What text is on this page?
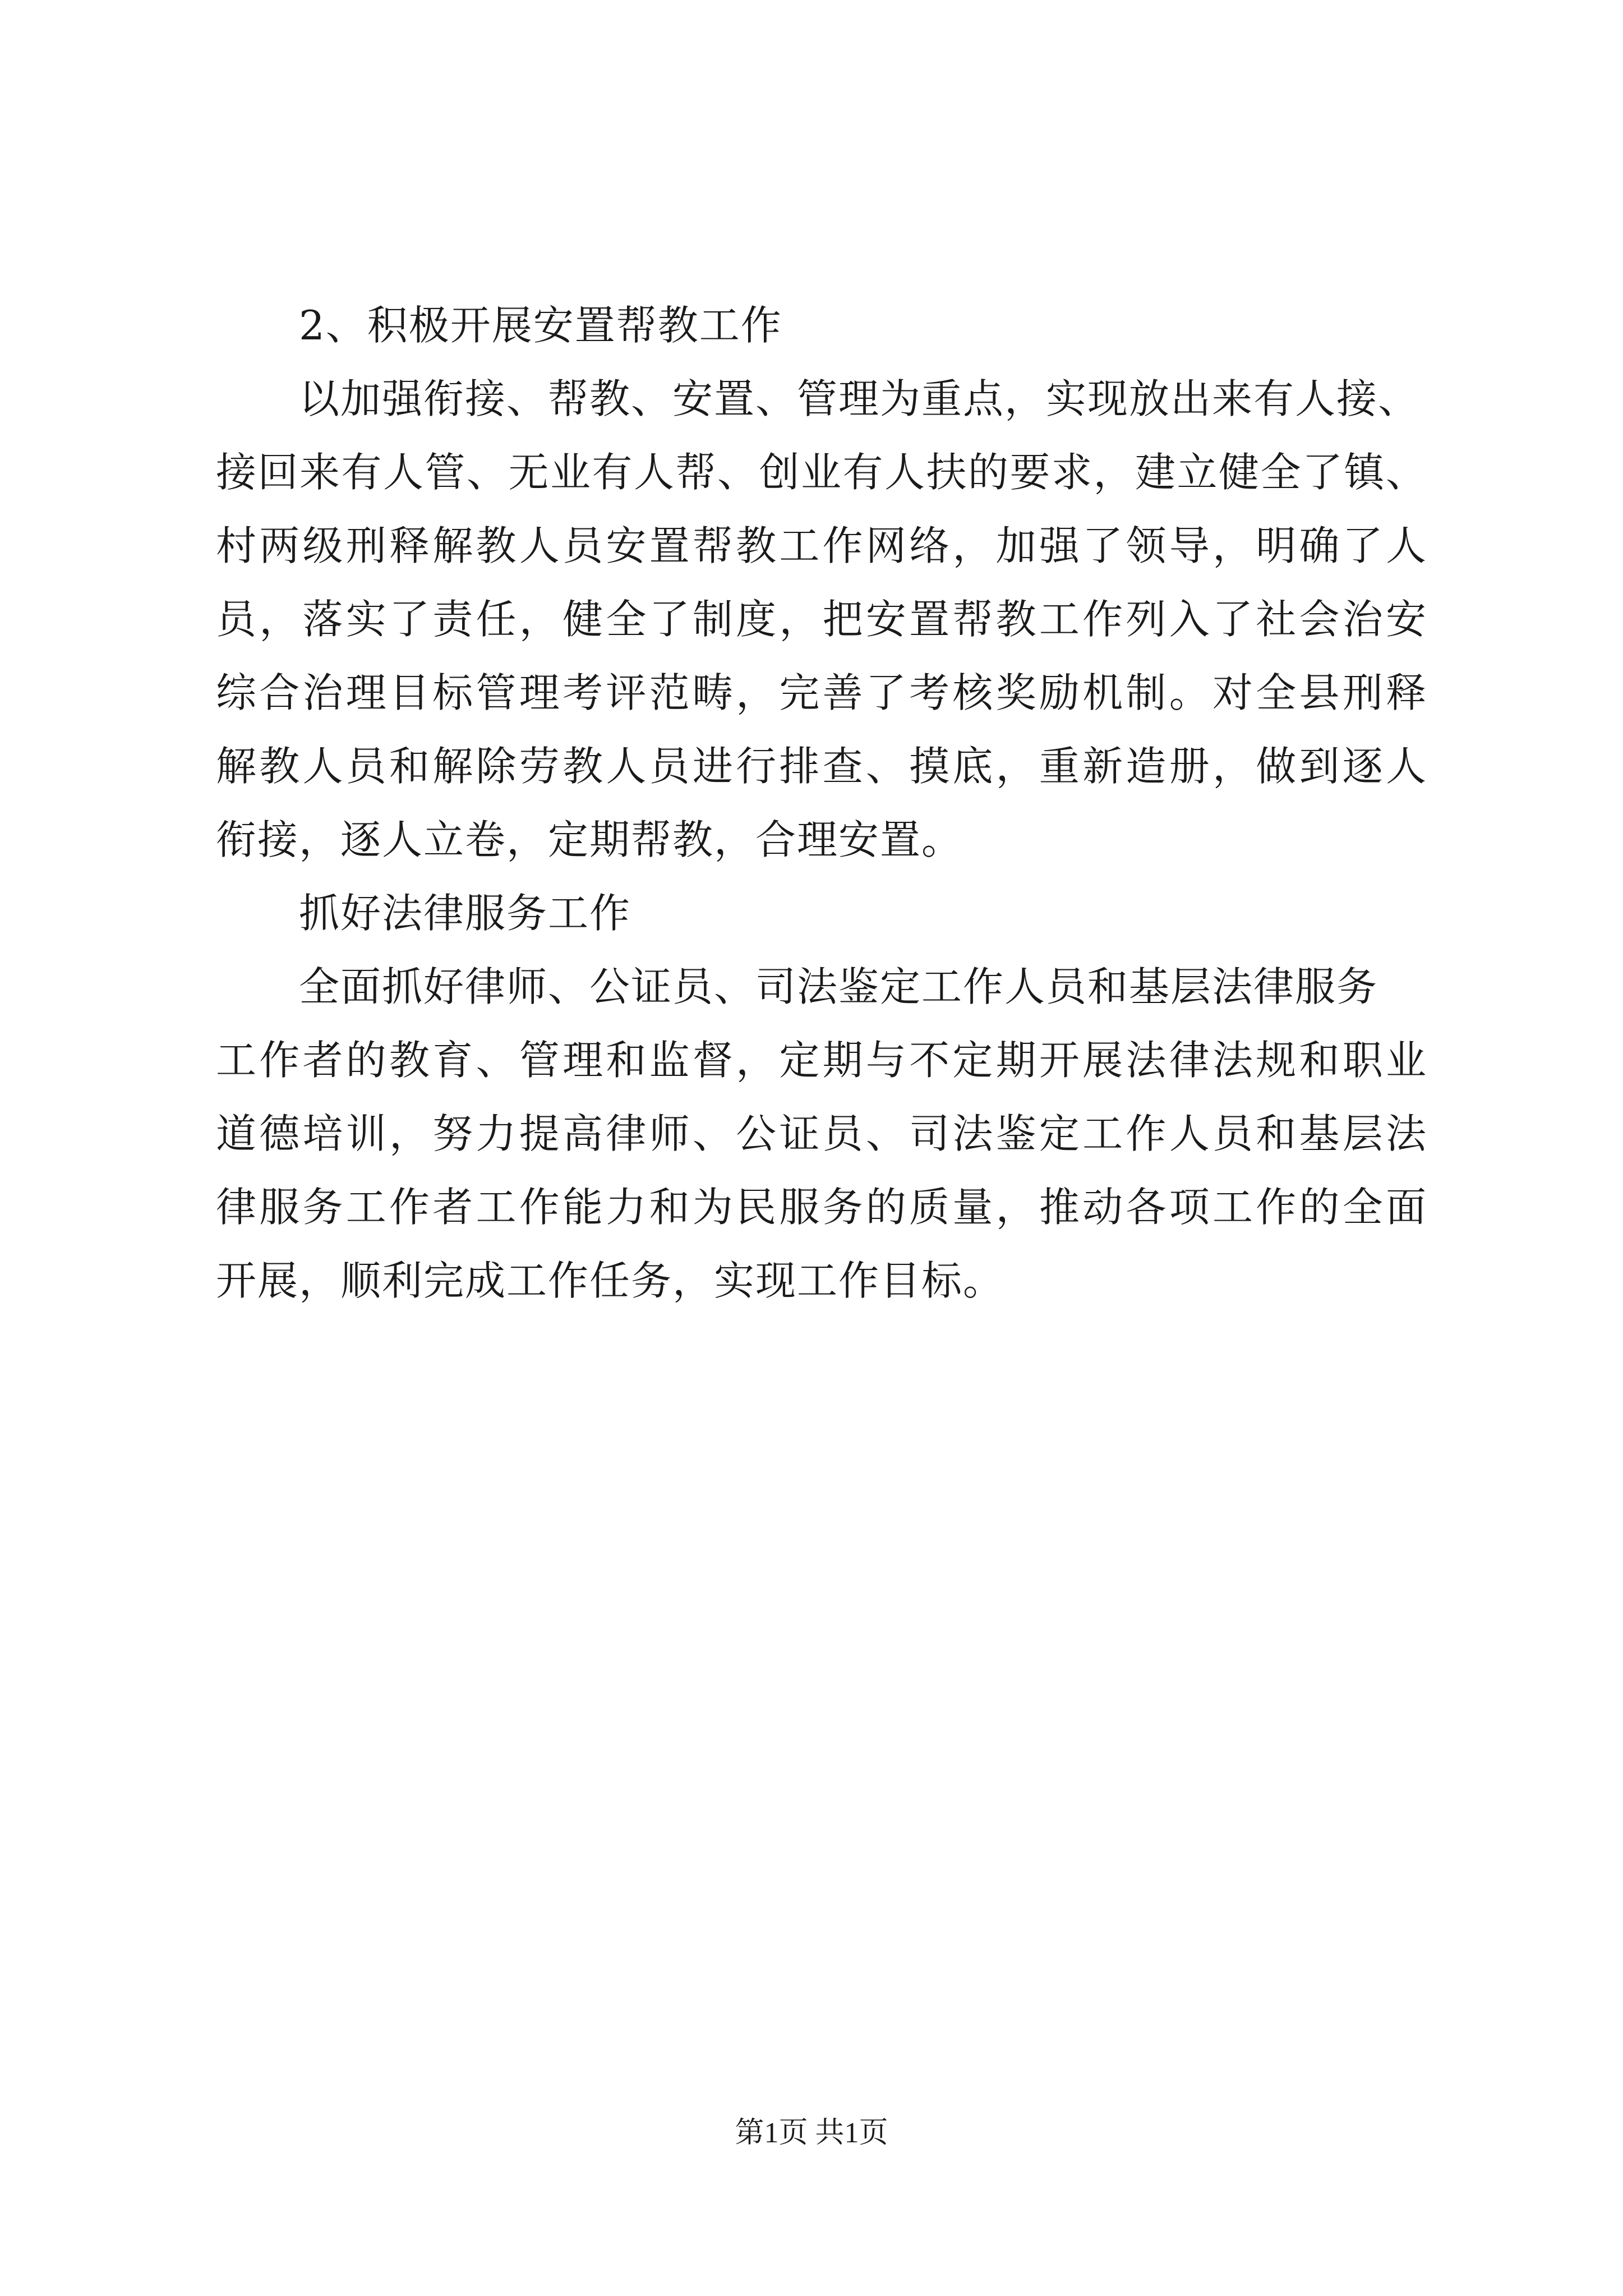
2、积极开展安置帮教工作
以加强衔接、帮教、安置、管理为重点，实现放出来有人接、
接回来有人管、无业有人帮、创业有人扶的要求，建立健全了镇、
村两级刑释解教人员安置帮教工作网络，加强了领导，明确了人
员，落实了责任，健全了制度，把安置帮教工作列入了社会治安
综合治理目标管理考评范畴，完善了考核奖励机制。对全县刑释
解教人员和解除劳教人员进行排查、摸底，重新造册，做到逐人
衔接，逐人立卷，定期帮教，合理安置。
抓好法律服务工作
全面抓好律师、公证员、司法鉴定工作人员和基层法律服务
工作者的教育、管理和监督，定期与不定期开展法律法规和职业
道德培训，努力提高律师、公证员、司法鉴定工作人员和基层法
律服务工作者工作能力和为民服务的质量，推动各项工作的全面
开展，顺利完成工作任务，实现工作目标。
第1页 共1页
